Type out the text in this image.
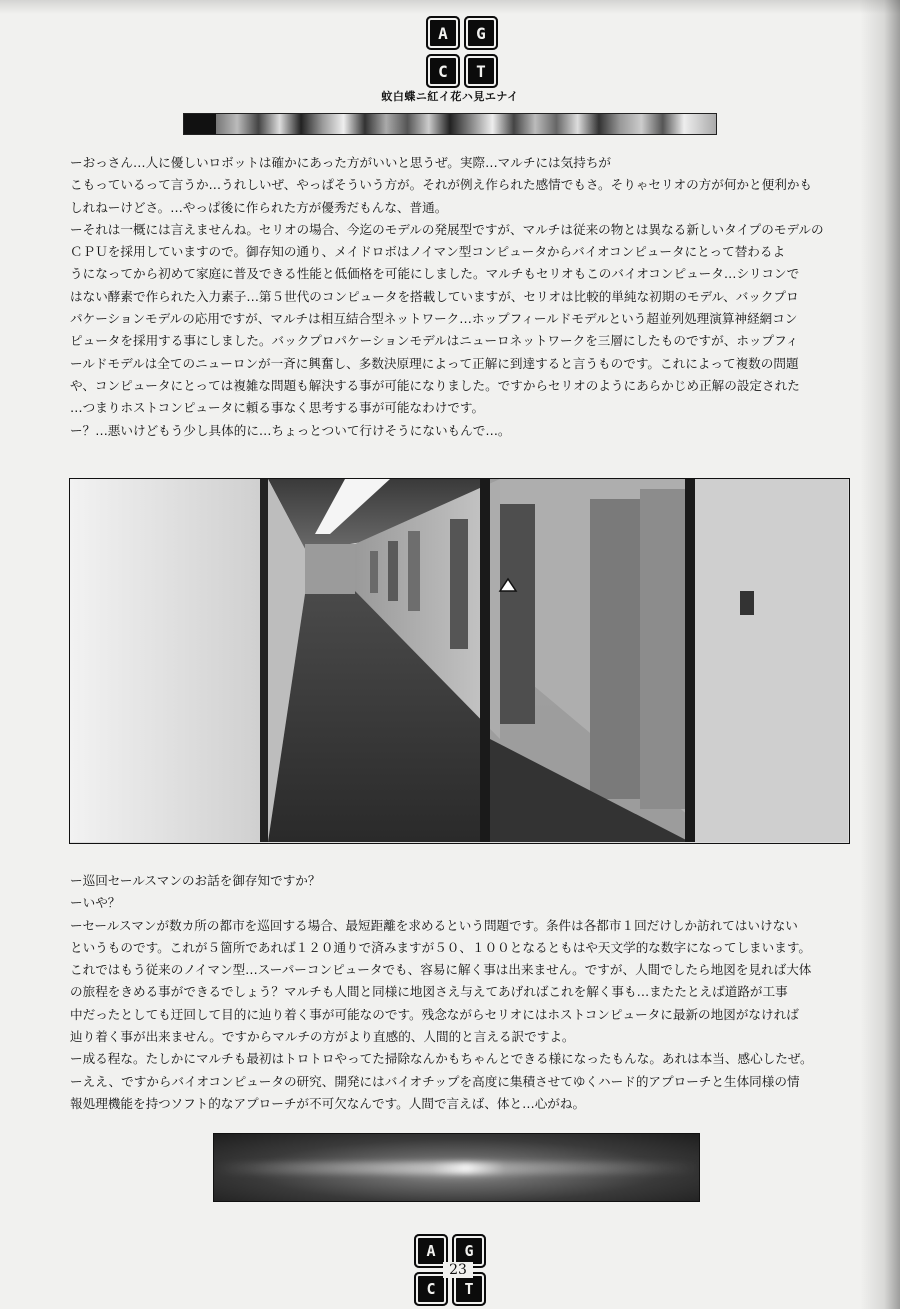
A	G
C	T
蚊白蝶ニ紅イ花ハ見エナイ
ーおっさん…人に優しいロボットは確かにあった方がいいと思うぜ。実際…マルチには気持ちが
こもっているって言うか…うれしいぜ、やっぱそういう方が。それが例え作られた感情でもさ。そりゃセリオの方が何かと便利かも
しれねーけどさ。…やっぱ後に作られた方が優秀だもんな、普通。
ーそれは一概には言えませんね。セリオの場合、今迄のモデルの発展型ですが、マルチは従来の物とは異なる新しいタイプのモデルの
ＣＰＵを採用していますので。御存知の通り、メイドロボはノイマン型コンピュータからバイオコンピュータにとって替わるよ
うになってから初めて家庭に普及できる性能と低価格を可能にしました。マルチもセリオもこのバイオコンピュータ…シリコンで
はない酵素で作られた入力素子…第５世代のコンピュータを搭載していますが、セリオは比較的単純な初期のモデル、バックプロ
パケーションモデルの応用ですが、マルチは相互結合型ネットワーク…ホップフィールドモデルという超並列処理演算神経網コン
ピュータを採用する事にしました。バックプロパケーションモデルはニューロネットワークを三層にしたものですが、ホップフィ
ールドモデルは全てのニューロンが一斉に興奮し、多数決原理によって正解に到達すると言うものです。これによって複数の問題
や、コンピュータにとっては複雑な問題も解決する事が可能になりました。ですからセリオのようにあらかじめ正解の設定された
…つまりホストコンピュータに頼る事なく思考する事が可能なわけです。
ー？…悪いけどもう少し具体的に…ちょっとついて行けそうにないもんで…。
ー巡回セールスマンのお話を御存知ですか？
ーいや？
ーセールスマンが数カ所の都市を巡回する場合、最短距離を求めるという問題です。条件は各都市１回だけしか訪れてはいけない
というものです。これが５箇所であれば１２０通りで済みますが５０、１００となるともはや天文学的な数字になってしまいます。
これではもう従来のノイマン型…スーパーコンピュータでも、容易に解く事は出来ません。ですが、人間でしたら地図を見れば大体
の旅程をきめる事ができるでしょう？マルチも人間と同様に地図さえ与えてあげればこれを解く事も…またたとえば道路が工事
中だったとしても迂回して目的に辿り着く事が可能なのです。残念ながらセリオにはホストコンピュータに最新の地図がなければ
辿り着く事が出来ません。ですからマルチの方がより直感的、人間的と言える訳ですよ。
ー成る程な。たしかにマルチも最初はトロトロやってた掃除なんかもちゃんとできる様になったもんな。あれは本当、感心したぜ。
ーええ、ですからバイオコンピュータの研究、開発にはバイオチップを高度に集積させてゆくハード的アプローチと生体同様の情
報処理機能を持つソフト的なアプローチが不可欠なんです。人間で言えば、体と…心がね。
A	G
C	T
23
